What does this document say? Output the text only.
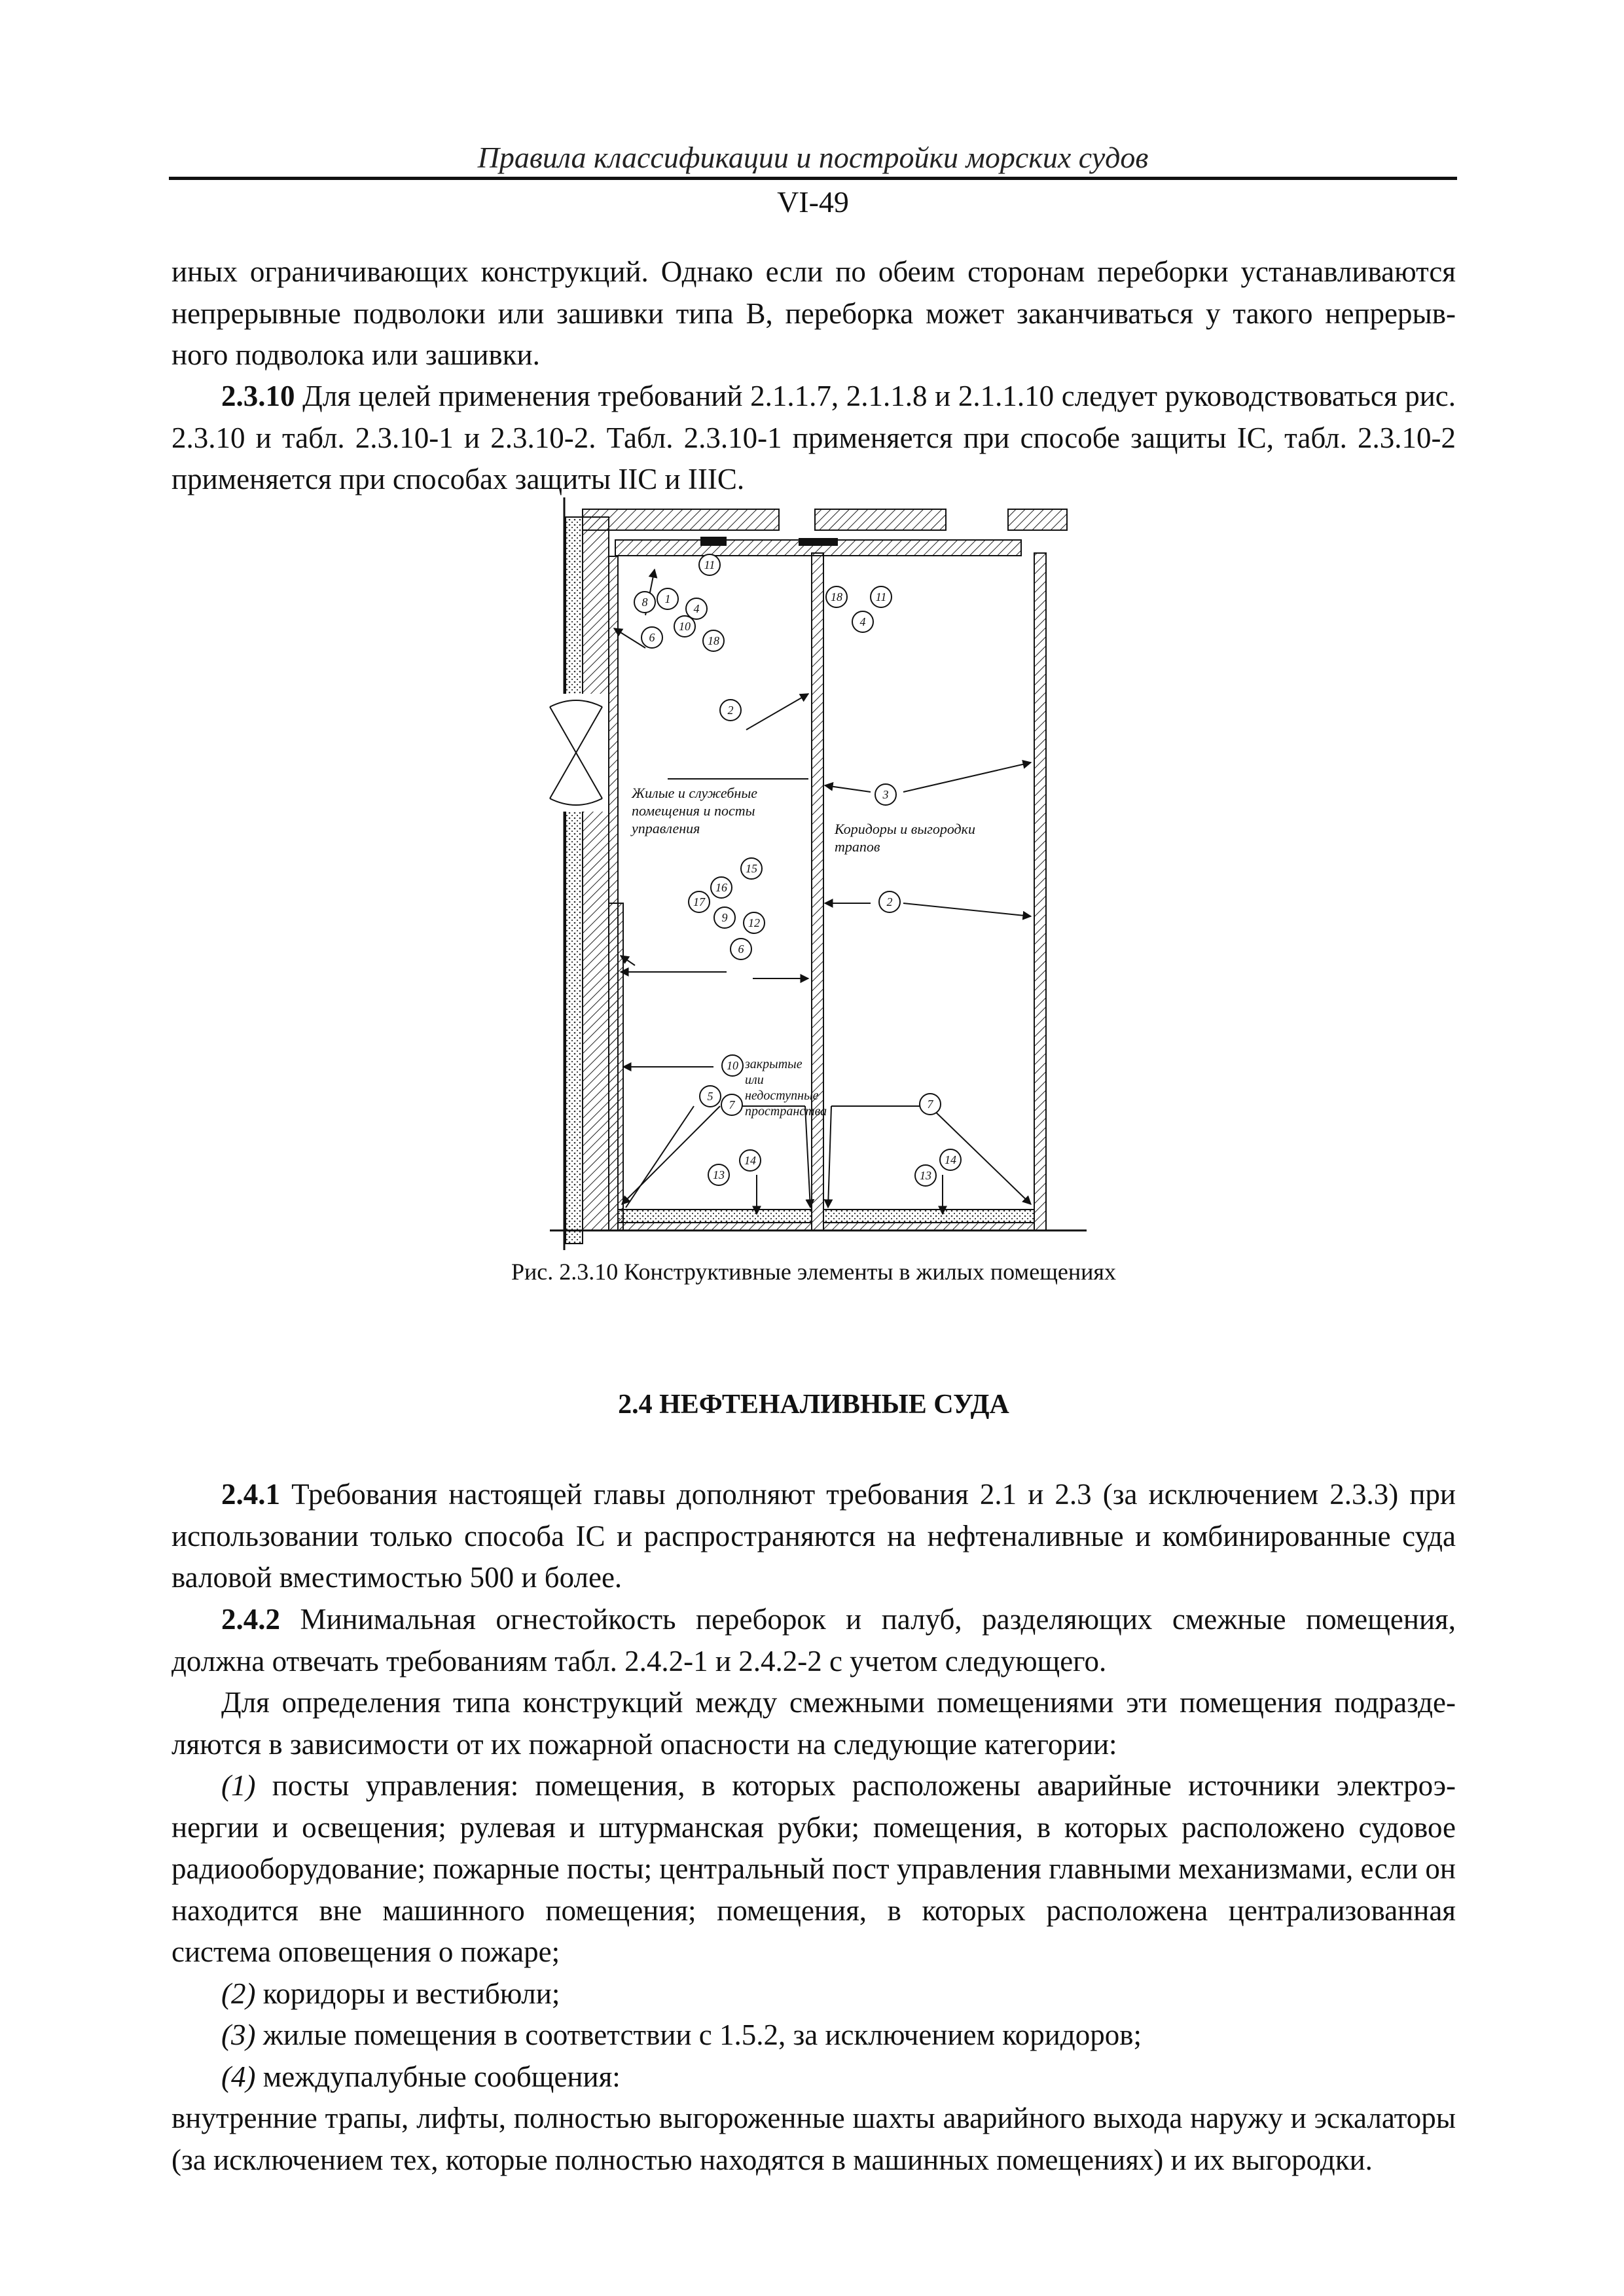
Правила классификации и постройки морских судов
VI-49

иных ограничивающих конструкций. Однако если по обеим сторонам переборки устанавливаются непрерывные подволоки или зашивки типа B, переборка может заканчиваться у такого непрерыв-ного подволока или зашивки.

2.3.10 Для целей применения требований 2.1.1.7, 2.1.1.8 и 2.1.1.10 следует руководствоваться рис. 2.3.10 и табл. 2.3.10-1 и 2.3.10-2. Табл. 2.3.10-1 применяется при способе защиты IC, табл. 2.3.10-2 применяется при способах защиты IIC и IIIC.

8 1
11
4
10
6	18
18	11
4
2
3
2
15
16
17
9 12
6
10
5
7	7
14
13
14
13
Жилые и служебные помещения и посты управления	Коридоры и выгородки трапов
закрытые или недоступные пространства
Рис. 2.3.10 Конструктивные элементы в жилых помещениях
2.4 НЕФТЕНАЛИВНЫЕ СУДА

2.4.1 Требования настоящей главы дополняют требования 2.1 и 2.3 (за исключением 2.3.3) при использовании только способа IC и распространяются на нефтеналивные и комбинированные суда валовой вместимостью 500 и более.

2.4.2 Минимальная огнестойкость переборок и палуб, разделяющих смежные помещения, должна отвечать требованиям табл. 2.4.2-1 и 2.4.2-2 с учетом следующего.

Для определения типа конструкций между смежными помещениями эти помещения подразде-ляются в зависимости от их пожарной опасности на следующие категории:

(1) посты управления: помещения, в которых расположены аварийные источники электроэ-нергии и освещения; рулевая и штурманская рубки; помещения, в которых расположено судовое радиооборудование; пожарные посты; центральный пост управления главными механизмами, если он находится вне машинного помещения; помещения, в которых расположена централизованная система оповещения о пожаре;

(2) коридоры и вестибюли;

(3) жилые помещения в соответствии с 1.5.2, за исключением коридоров;

(4) междупалубные сообщения:

внутренние трапы, лифты, полностью выгороженные шахты аварийного выхода наружу и эскалаторы (за исключением тех, которые полностью находятся в машинных помещениях) и их выгородки.
